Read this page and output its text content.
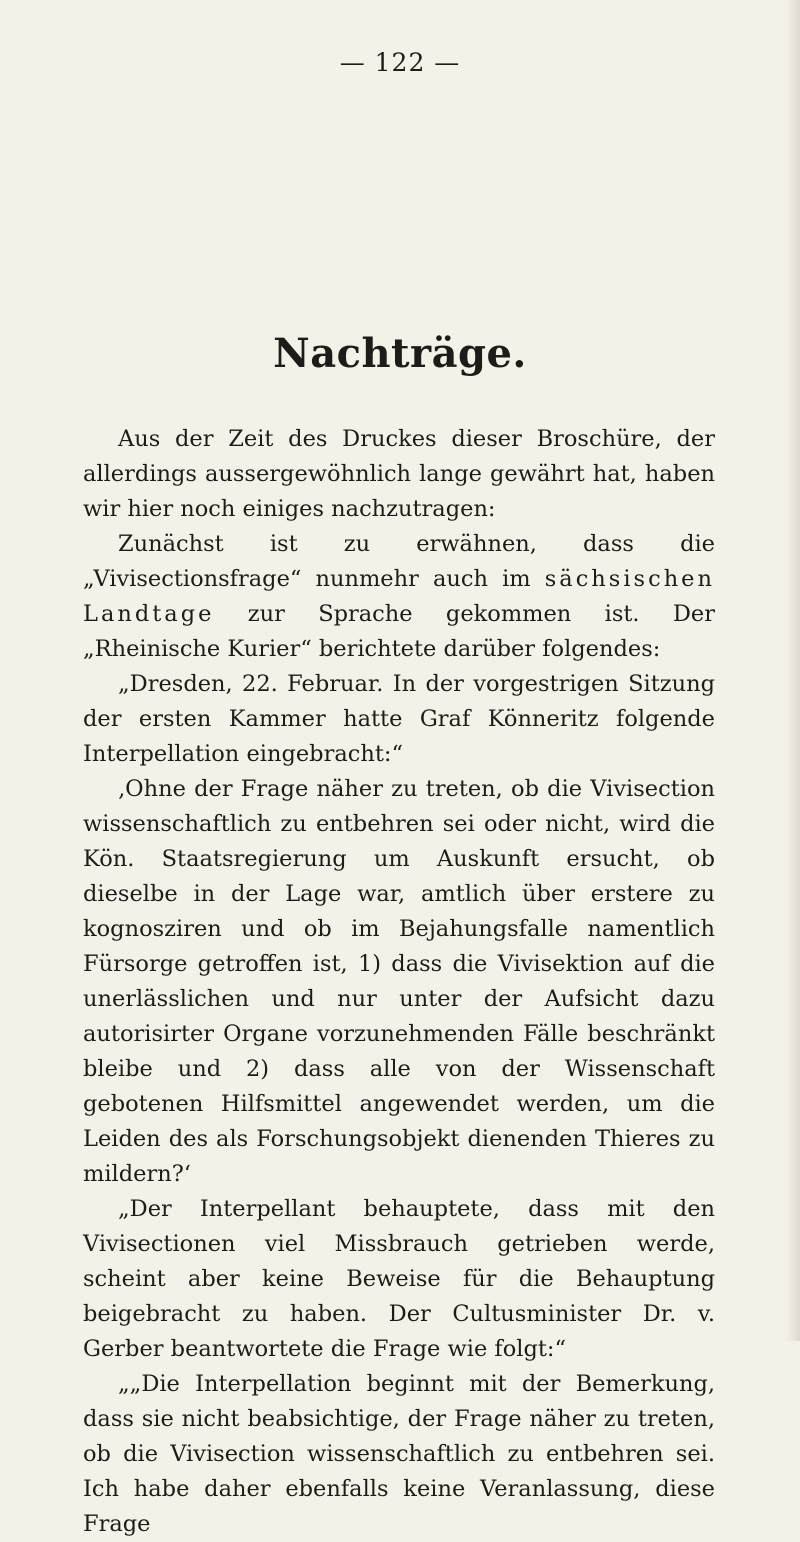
— 122 —
Nachträge.

Aus der Zeit des Druckes dieser Broschüre, der allerdings aussergewöhnlich lange gewährt hat, haben wir hier noch einiges nachzutragen:

Zunächst ist zu erwähnen, dass die „Vivisectionsfrage“ nunmehr auch im sächsischen Landtage zur Sprache gekommen ist. Der „Rheinische Kurier“ berichtete darüber folgendes:

„Dresden, 22. Februar. In der vorgestrigen Sitzung der ersten Kammer hatte Graf Könneritz folgende Interpellation eingebracht:“

‚Ohne der Frage näher zu treten, ob die Vivisection wissenschaftlich zu entbehren sei oder nicht, wird die Kön. Staatsregierung um Auskunft ersucht, ob dieselbe in der Lage war, amtlich über erstere zu kognosziren und ob im Bejahungsfalle namentlich Fürsorge getroffen ist, 1) dass die Vivisektion auf die unerlässlichen und nur unter der Aufsicht dazu autorisirter Organe vorzunehmenden Fälle beschränkt bleibe und 2) dass alle von der Wissenschaft gebotenen Hilfsmittel angewendet werden, um die Leiden des als Forschungsobjekt dienenden Thieres zu mildern?‘

„Der Interpellant behauptete, dass mit den Vivisectionen viel Missbrauch getrieben werde, scheint aber keine Beweise für die Behauptung beigebracht zu haben. Der Cultusminister Dr. v. Gerber beantwortete die Frage wie folgt:“

„„Die Interpellation beginnt mit der Bemerkung, dass sie nicht beabsichtige, der Frage näher zu treten, ob die Vivisection wissenschaftlich zu entbehren sei. Ich habe daher ebenfalls keine Veranlassung, diese Frage
